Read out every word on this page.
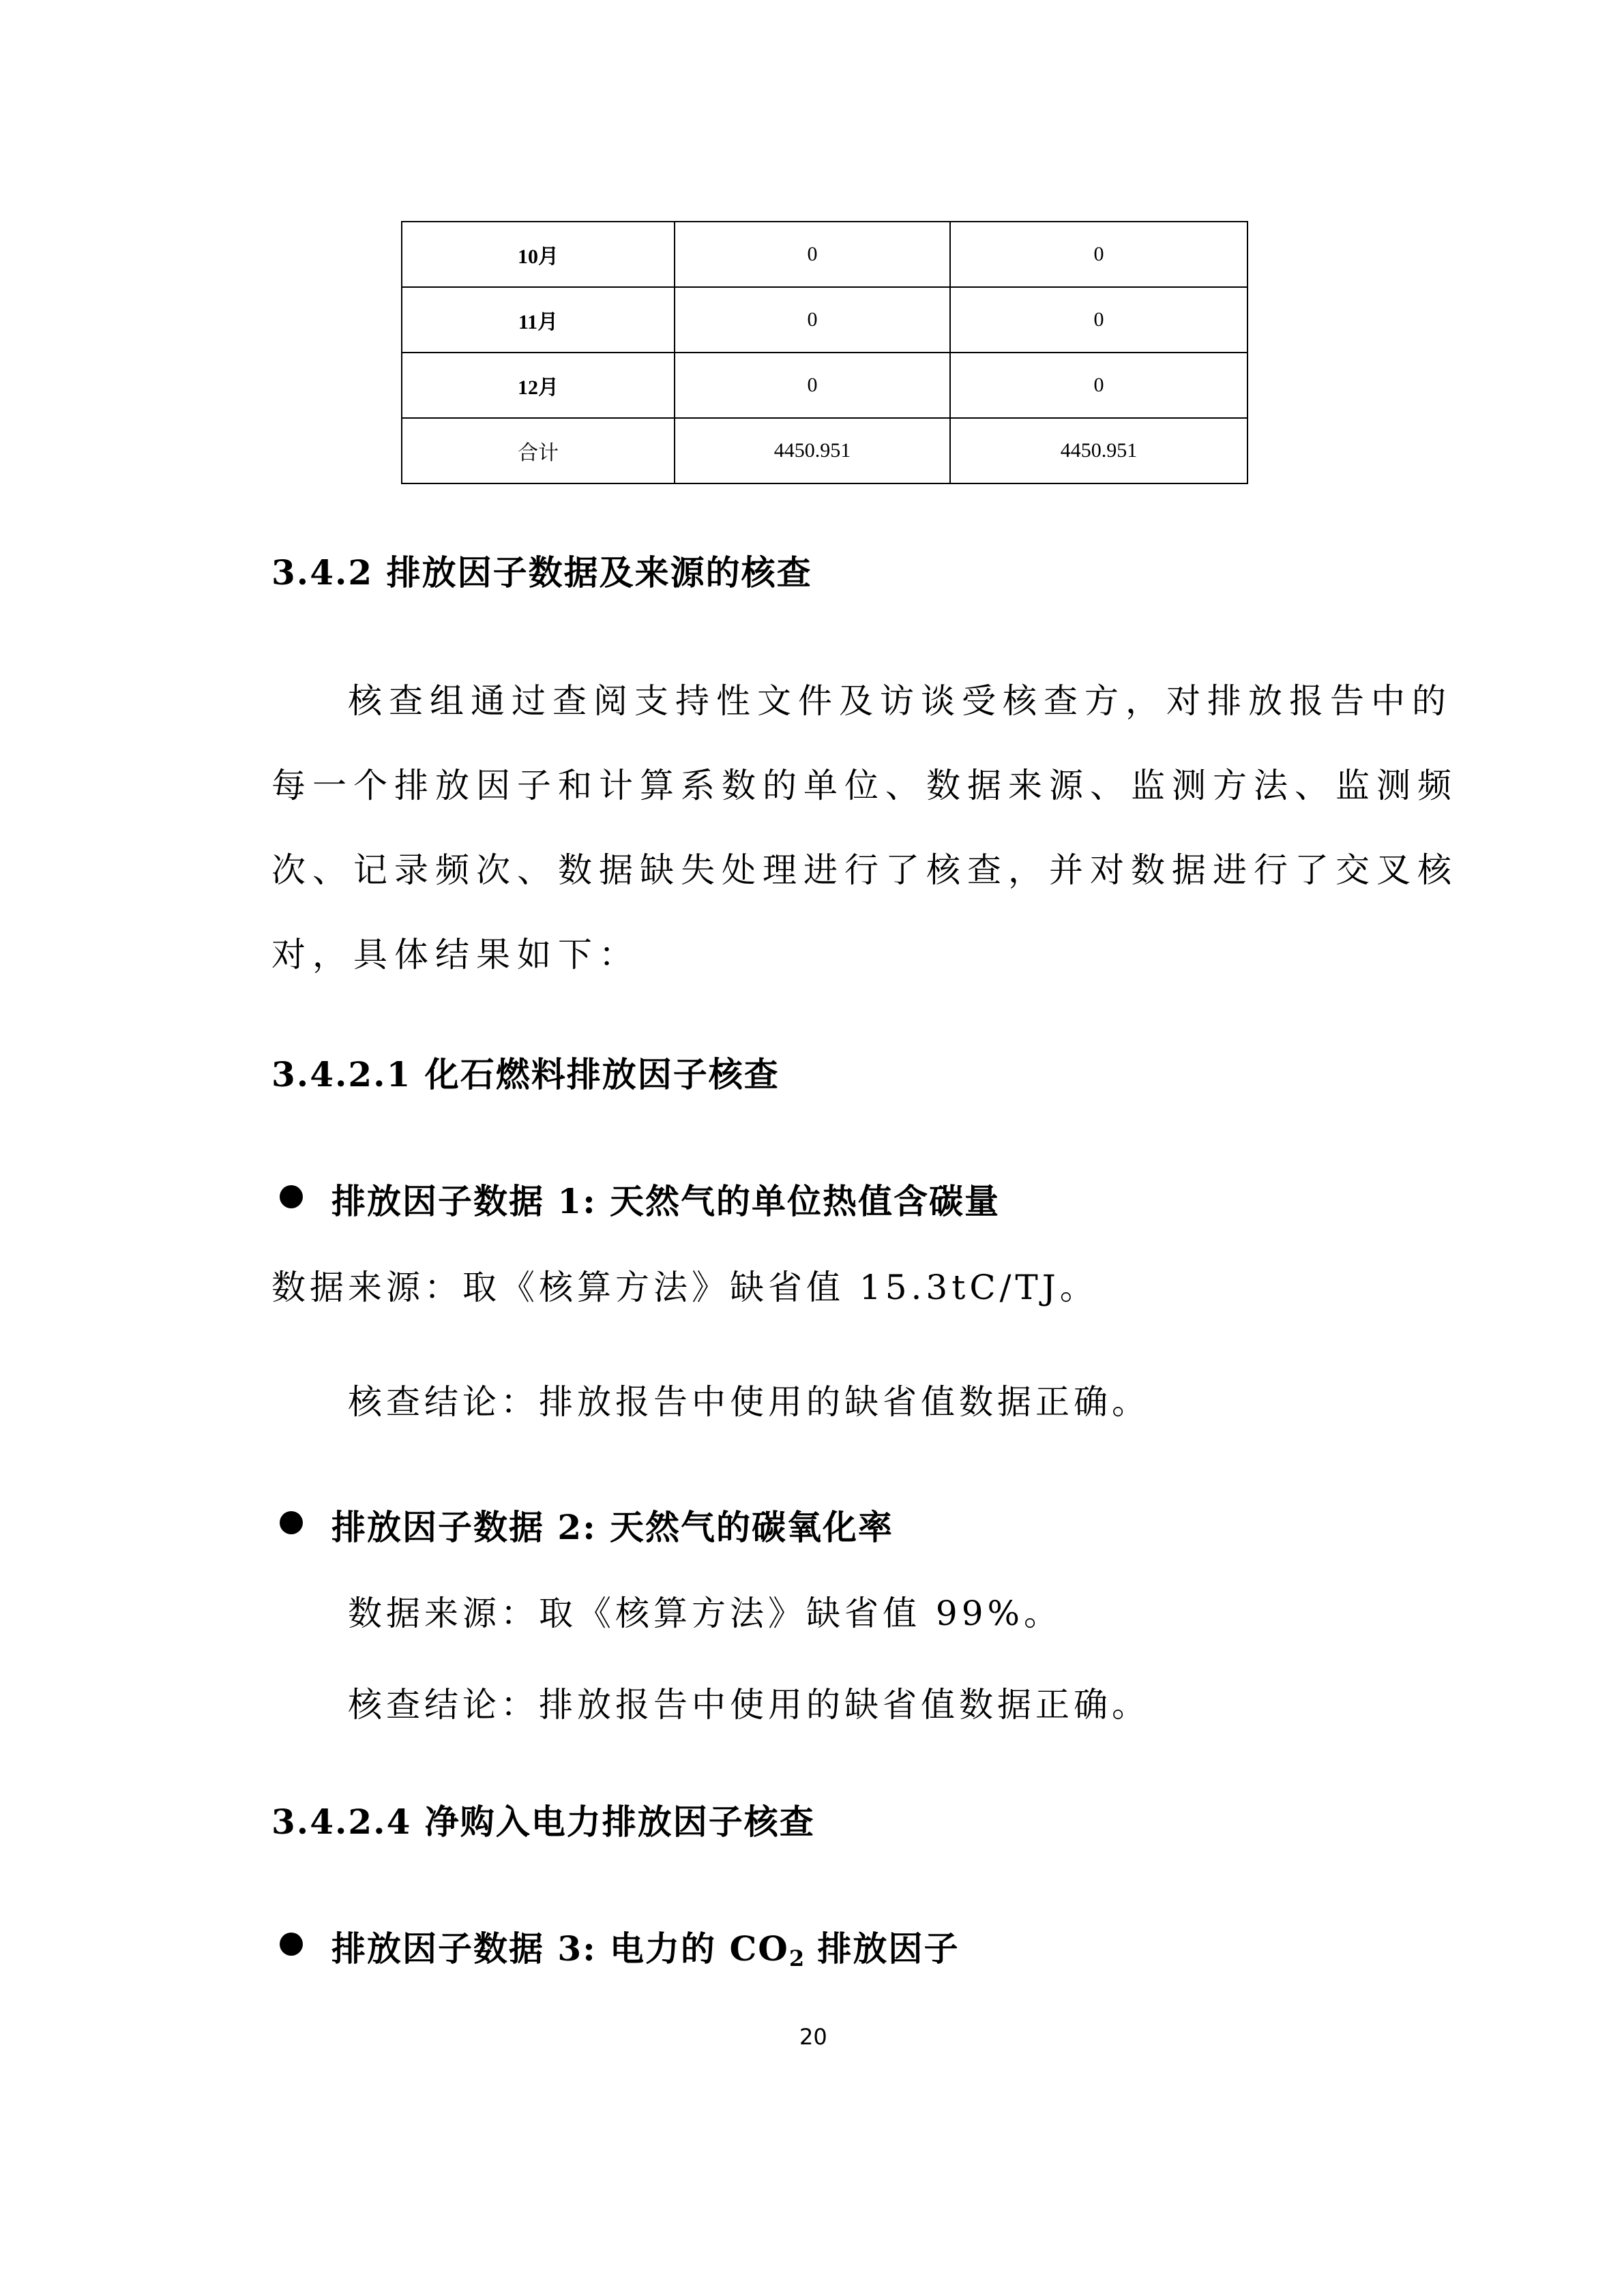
10月	0	0
11月	0	0
12月	0	0
合计	4450.951	4450.951
3.4.2 排放因子数据及来源的核查
核查组通过查阅支持性文件及访谈受核查方，对排放报告中的
每一个排放因子和计算系数的单位、数据来源、监测方法、监测频
次、记录频次、数据缺失处理进行了核查，并对数据进行了交叉核
对，具体结果如下：
3.4.2.1 化石燃料排放因子核查
排放因子数据 1: 天然气的单位热值含碳量
数据来源：取《核算方法》缺省值 15.3tC/TJ。
核查结论：排放报告中使用的缺省值数据正确。
排放因子数据 2: 天然气的碳氧化率
数据来源：取《核算方法》缺省值 99%。
核查结论：排放报告中使用的缺省值数据正确。
3.4.2.4 净购入电力排放因子核查
排放因子数据 3: 电力的 $CO_2$ 排放因子
20
